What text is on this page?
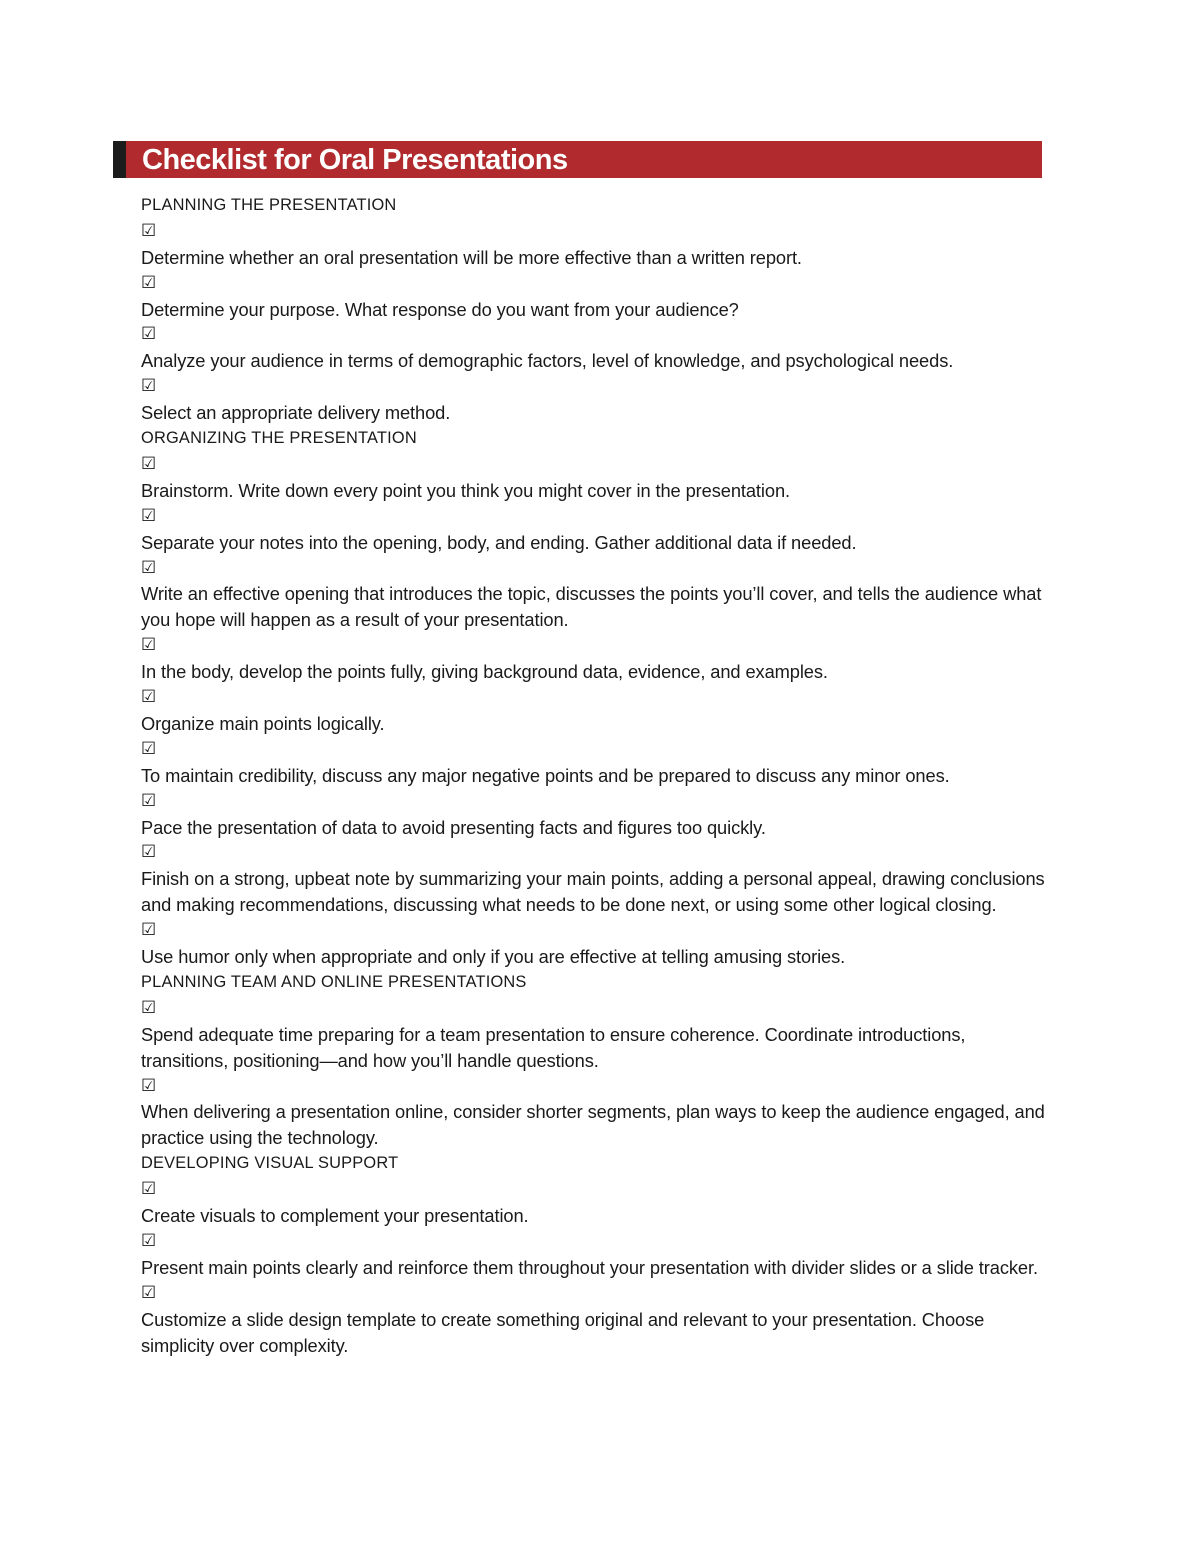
Checklist for Oral Presentations
PLANNING THE PRESENTATION
☑
Determine whether an oral presentation will be more effective than a written report.
☑
Determine your purpose. What response do you want from your audience?
☑
Analyze your audience in terms of demographic factors, level of knowledge, and psychological needs.
☑
Select an appropriate delivery method.
ORGANIZING THE PRESENTATION
☑
Brainstorm. Write down every point you think you might cover in the presentation.
☑
Separate your notes into the opening, body, and ending. Gather additional data if needed.
☑
Write an effective opening that introduces the topic, discusses the points you’ll cover, and tells the audience what you hope will happen as a result of your presentation.
☑
In the body, develop the points fully, giving background data, evidence, and examples.
☑
Organize main points logically.
☑
To maintain credibility, discuss any major negative points and be prepared to discuss any minor ones.
☑
Pace the presentation of data to avoid presenting facts and figures too quickly.
☑
Finish on a strong, upbeat note by summarizing your main points, adding a personal appeal, drawing conclusions and making recommendations, discussing what needs to be done next, or using some other logical closing.
☑
Use humor only when appropriate and only if you are effective at telling amusing stories.
PLANNING TEAM AND ONLINE PRESENTATIONS
☑
Spend adequate time preparing for a team presentation to ensure coherence. Coordinate introductions, transitions, positioning—and how you’ll handle questions.
☑
When delivering a presentation online, consider shorter segments, plan ways to keep the audience engaged, and practice using the technology.
DEVELOPING VISUAL SUPPORT
☑
Create visuals to complement your presentation.
☑
Present main points clearly and reinforce them throughout your presentation with divider slides or a slide tracker.
☑
Customize a slide design template to create something original and relevant to your presentation. Choose simplicity over complexity.
